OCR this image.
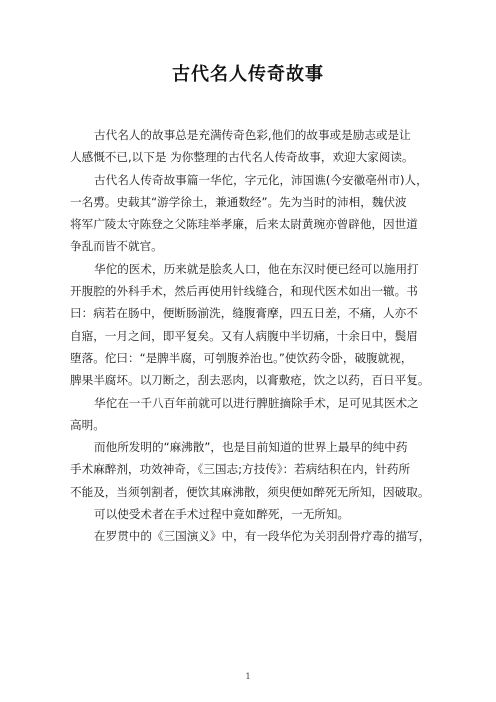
古代名人传奇故事
古代名人的故事总是充满传奇色彩,他们的故事或是励志或是让
人感慨不已,以下是 为你整理的古代名人传奇故事，欢迎大家阅读。
古代名人传奇故事篇一华佗，字元化，沛国谯(今安徽亳州市)人，
一名旉。史载其“游学徐土，兼通数经”。先为当时的沛相，魏伏波
将军广陵太守陈登之父陈珪举孝廉，后来太尉黄琬亦曾辟他，因世道
争乱而皆不就官。
华佗的医术，历来就是脍炙人口，他在东汉时便已经可以施用打
开腹腔的外科手术，然后再使用针线缝合，和现代医术如出一辙。书
曰：病若在肠中，便断肠湔洗，缝腹膏摩，四五日差，不痛，人亦不
自寤，一月之间，即平复矣。又有人病腹中半切痛，十余日中，鬓眉
堕落。佗曰：“是脾半腐，可刳腹养治也。”使饮药令卧，破腹就视，
脾果半腐坏。以刀断之，刮去恶肉，以膏敷疮，饮之以药，百日平复。
华佗在一千八百年前就可以进行脾脏摘除手术，足可见其医术之
高明。
而他所发明的“麻沸散”，也是目前知道的世界上最早的纯中药
手术麻醉剂，功效神奇，《三国志;方技传》：若病结积在内，针药所
不能及，当须刳割者，便饮其麻沸散，须臾便如醉死无所知，因破取。
可以使受术者在手术过程中竟如醉死，一无所知。
在罗贯中的《三国演义》中，有一段华佗为关羽刮骨疗毒的描写，
1
